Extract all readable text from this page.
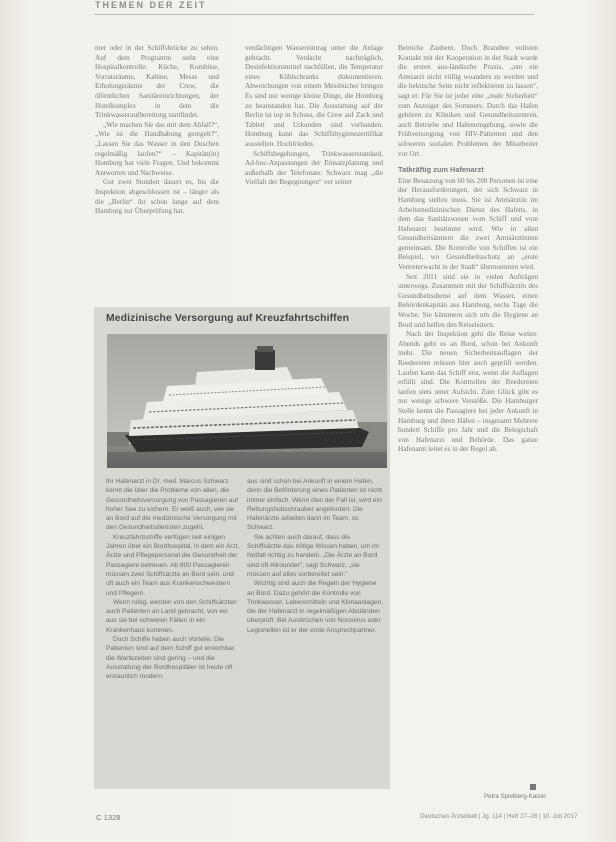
THEMEN DER ZEIT

mer oder in der Schiffsbrücke zu sehen. Auf dem Programm steht eine Hospitalkontrolle: Küche, Kombüse, Vorratsräume, Kabine, Messe und Erholungsräume der Crew, die öffentlichen Sanitäreinrichtungen, der Hotelkomplex in dem die Trinkwasseraufbereitung stattfindet.

„Wie machen Sie das mit dem Abfall?“, „Wie ist die Handhabung geregelt?“, „Lassen Sie das Wasser in den Duschen regelmäßig laufen?“ – Kapitän(in) Homburg hat viele Fragen. Und bekommt Antworten und Nachweise.

Gut zwei Stunden dauert es, bis die Inspektion abgeschlossen ist – länger als die „Berlin“ ihr schon lange auf dem Hamburg zur Überprüfung hat.

verdächtigen Wassereintrag unter die Anlage gebracht. Verdacht nachträglich, Desinfektionsmittel nachfüllen, die Temperatur eines Kühlschranks dokumentieren. Abweichungen von einem Messbücher bringen Es sind nur wenige kleine Dinge, die Homburg zu beanstanden hat. Die Ausstattung auf der Berlin ist top in Schuss, die Crew auf Zack und Tablett und Urkunden sind vorhanden. Homburg kann das Schiffshygienezertifikat ausstellen. Hochfrieden.

Schiffsbegehungen, Trinkwasserstandard, Ad-hoc-Anpassungen der Einsatzplanung und außerhalb der Telefonate: Schwarz mag „die Vielfalt der Begegnungen“ ver seiner

Bereiche Zaubern. Doch Brandtee vollsten Kontakt mit der Kooperation in der Stadt wurde die ersten aus-ländische Praxis, „um ein Amtsarzt nicht völlig woanders zu werden und die hektische Seite nicht reflektieren zu lassen“, sagt er. Für Sie ist jeder eine „reale Sicherheit“ zum Anzeiger des Sommers. Durch das Hafen gehören zu Kliniken und Gesundheitszentren, auch Betriebe und Hafenumgebung, sowie die Frühversorgung von HIV-Patienten und den schweren sozialen Problemen der Mitarbeiter vor Ort.

Tatkräftig zum Hafenarzt

Eine Besatzung von 60 bis 200 Personen ist eine der Herausforderungen, der sich Schwarz in Hamburg stellen muss. Sie ist Amtsärztin im Arbeitsmedizinischen Dienst des Hafens, in dem das Sanitätswesen vom Schiff und vom Hafenarzt bestimmt wird. Wie in allen Gesundheitsämtern die zwei Amtsärztinnen gemeinsam. Die Kontrolle von Schiffen ist ein Beispiel, wo Gesundheitsschutz an „erste Vertreterwacht in der Stadt“ übernommen wird.

Seit 2011 sind sie in vielen Aufträgen unterwegs. Zusammen mit der Schiffsärztin des Gesundheitsdienst auf dem Wasser, einen Behördenkapitän aus Hamburg, sechs Tage die Woche. Sie kümmern sich um die Hygiene an Bord und helfen den Reiseleitern.

Nach der Inspektion geht die Reise weiter. Abends geht es an Bord, schon bei Ankunft mehr. Die neuen Sicherheitsauflagen der Reedereien müssen hier auch geprüft werden. Laufen kann das Schiff erst, wenn die Auflagen erfüllt sind. Die Kontrollen der Reedereien laufen stets unter Aufsicht. Zum Glück gibt es nur wenige schwere Verstöße. Die Hamburger Stelle kennt die Passagiere bei jeder Ankunft in Hamburg und ihren Häfen – insgesamt Mehrere hundert Schiffe pro Jahr und die Belegschaft von Hafenarzt und Behörde. Das ganze Hafenamt leitet es in der Regel ab.

Medizinische Versorgung auf Kreuzfahrtschiffen

Ihr Hafenarzt in Dr. med. Marcus Schwarz kennt die über die Probleme von allen, die Gesundheitsversorgung von Passagieren auf hoher See zu sichern. Er weiß auch, wie sie an Bord auf die medizinische Versorgung mit den Gesundheitsdiensten zugeht.

Kreuzfahrtschiffe verfügen seit einigen Jahren über ein Bordhospital, in dem ein Arzt, Ärzte und Pflegepersonal die Gesundheit der Passagiere betreuen. Ab 800 Passagieren müssen zwei Schiffsärzte an Bord sein, und oft auch ein Team aus Krankenschwestern und Pflegern.

Wenn nötig, werden von den Schiffsärzten auch Patienten an Land gebracht, von wo aus sie bei schweren Fällen in ein Krankenhaus kommen.

Doch Schiffe haben auch Vorteile: Die Patienten sind auf dem Schiff gut erreichbar, die Wartezeiten sind gering – und die Ausstattung der Bordhospitäler ist heute oft erstaunlich modern.

aus sind schon bei Ankunft in einem Hafen, denn die Beförderung eines Patienten ist nicht immer einfach. Wenn dies der Fall ist, wird ein Rettungshubschrauber angefordert. Die Hafenärzte arbeiten dann im Team, so Schwarz.

Sie achten auch darauf, dass die Schiffsärzte das nötige Wissen haben, um im Notfall richtig zu handeln. „Die Ärzte an Bord sind oft Allrounder“, sagt Schwarz, „sie müssen auf alles vorbereitet sein.“

Wichtig sind auch die Regeln der Hygiene an Bord. Dazu gehört die Kontrolle von Trinkwasser, Lebensmitteln und Klimaanlagen, die der Hafenarzt in regelmäßigen Abständen überprüft. Bei Ausbrüchen von Norovirus oder Legionellen ist er der erste Ansprechpartner.

Petra Spielberg-Kaiser
C 1328	Deutsches Ärzteblatt | Jg. 114 | Heft 27–28 | 10. Juli 2017
